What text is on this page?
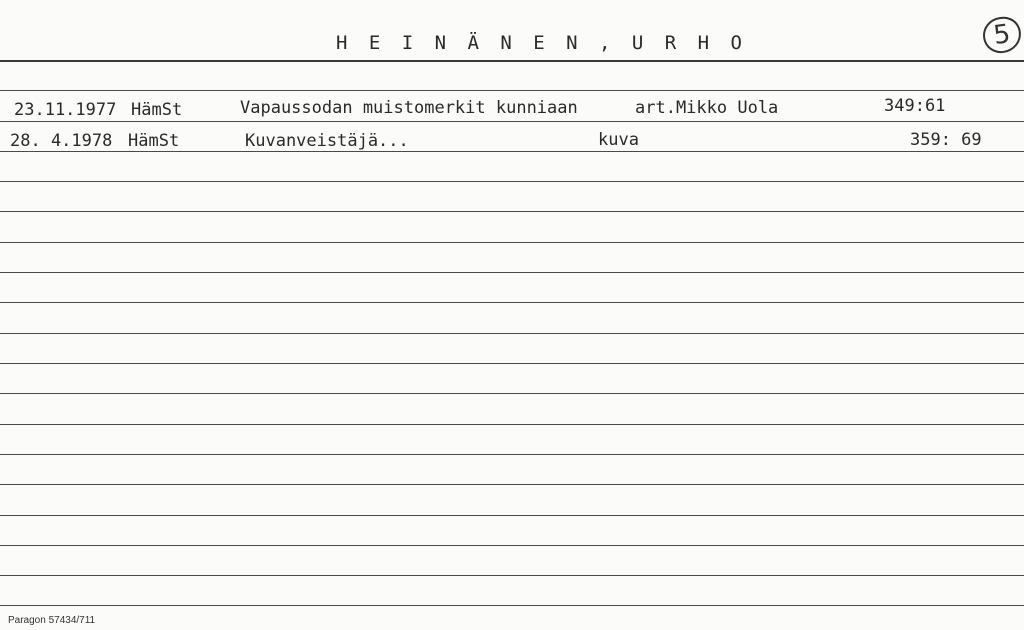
H E I N Ä N E N , U R H O	5
23.11.1977 HämSt	Vapaussodan muistomerkit kunniaan	art.Mikko Uola	349:61
28. 4.1978 HämSt	Kuvanveistäjä...	kuva	359: 69
Paragon 57434/711
